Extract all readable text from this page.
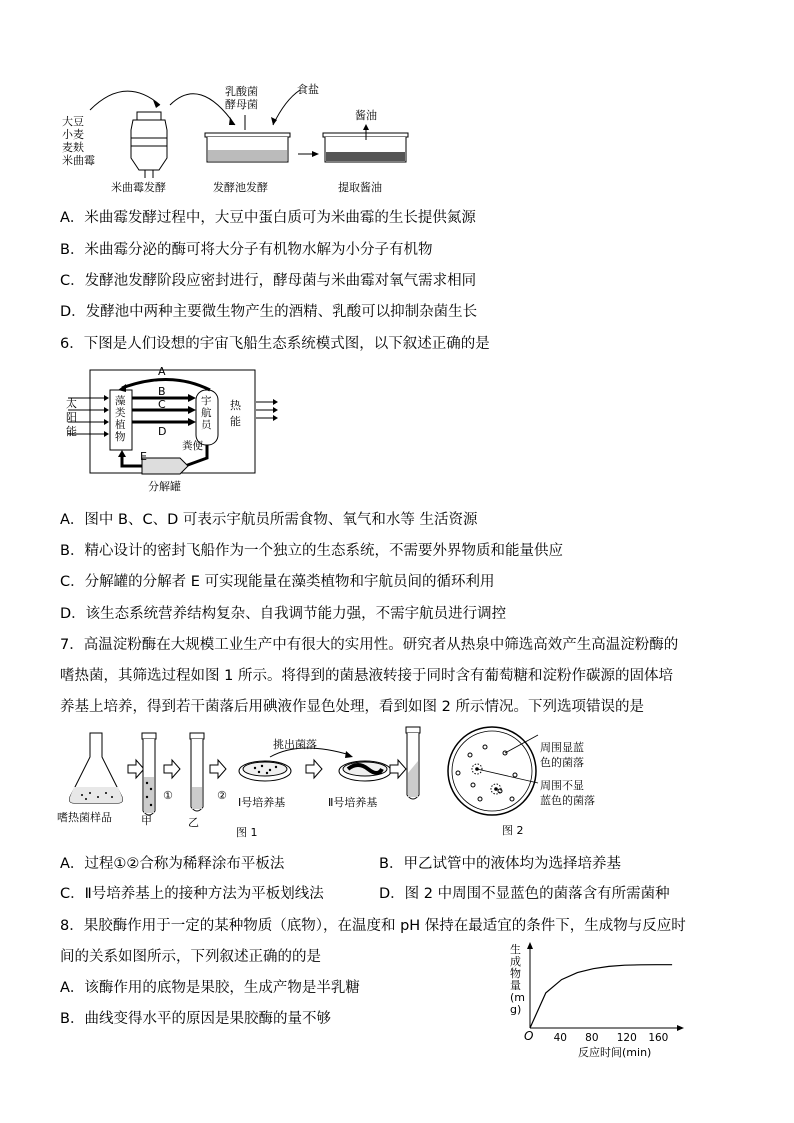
大豆
小麦
麦麸
米曲霉
乳酸菌
酵母菌
食盐
酱油
米曲霉发酵	发酵池发酵	提取酱油
A．米曲霉发酵过程中，大豆中蛋白质可为米曲霉的生长提供氮源
B．米曲霉分泌的酶可将大分子有机物水解为小分子有机物
C．发酵池发酵阶段应密封进行，酵母菌与米曲霉对氧气需求相同
D．发酵池中两种主要微生物产生的酒精、乳酸可以抑制杂菌生长
6．下图是人们设想的宇宙飞船生态系统模式图，以下叙述正确的是
太
阳
能
藻
类
植
物
宇
航
员
热
能
A
B
C
D
E
粪便
分解罐
A．图中 B、C、D 可表示宇航员所需食物、氧气和水等 生活资源
B．精心设计的密封飞船作为一个独立的生态系统，不需要外界物质和能量供应
C．分解罐的分解者 E 可实现能量在藻类植物和宇航员间的循环利用
D．该生态系统营养结构复杂、自我调节能力强，不需宇航员进行调控
7．高温淀粉酶在大规模工业生产中有很大的实用性。研究者从热泉中筛选高效产生高温淀粉酶的
嗜热菌，其筛选过程如图 1 所示。将得到的菌悬液转接于同时含有葡萄糖和淀粉作碳源的固体培
养基上培养，得到若干菌落后用碘液作显色处理，看到如图 2 所示情况。下列选项错误的是
嗜热菌样品	甲	乙
①	②
挑出菌落
Ⅰ号培养基	Ⅱ号培养基
图 1	图 2
周围显蓝
色的菌落
周围不显
蓝色的菌落
A．过程①②合称为稀释涂布平板法	B．甲乙试管中的液体均为选择培养基
C．Ⅱ号培养基上的接种方法为平板划线法	D．图 2 中周围不显蓝色的菌落含有所需菌种
8．果胶酶作用于一定的某种物质（底物），在温度和 pH 保持在最适宜的条件下，生成物与反应时
间的关系如图所示，下列叙述正确的的是
A．该酶作用的底物是果胶，生成产物是半乳糖
B．曲线变得水平的原因是果胶酶的量不够
40 80 120 160
O
反应时间(min)
生成物量(mg)
